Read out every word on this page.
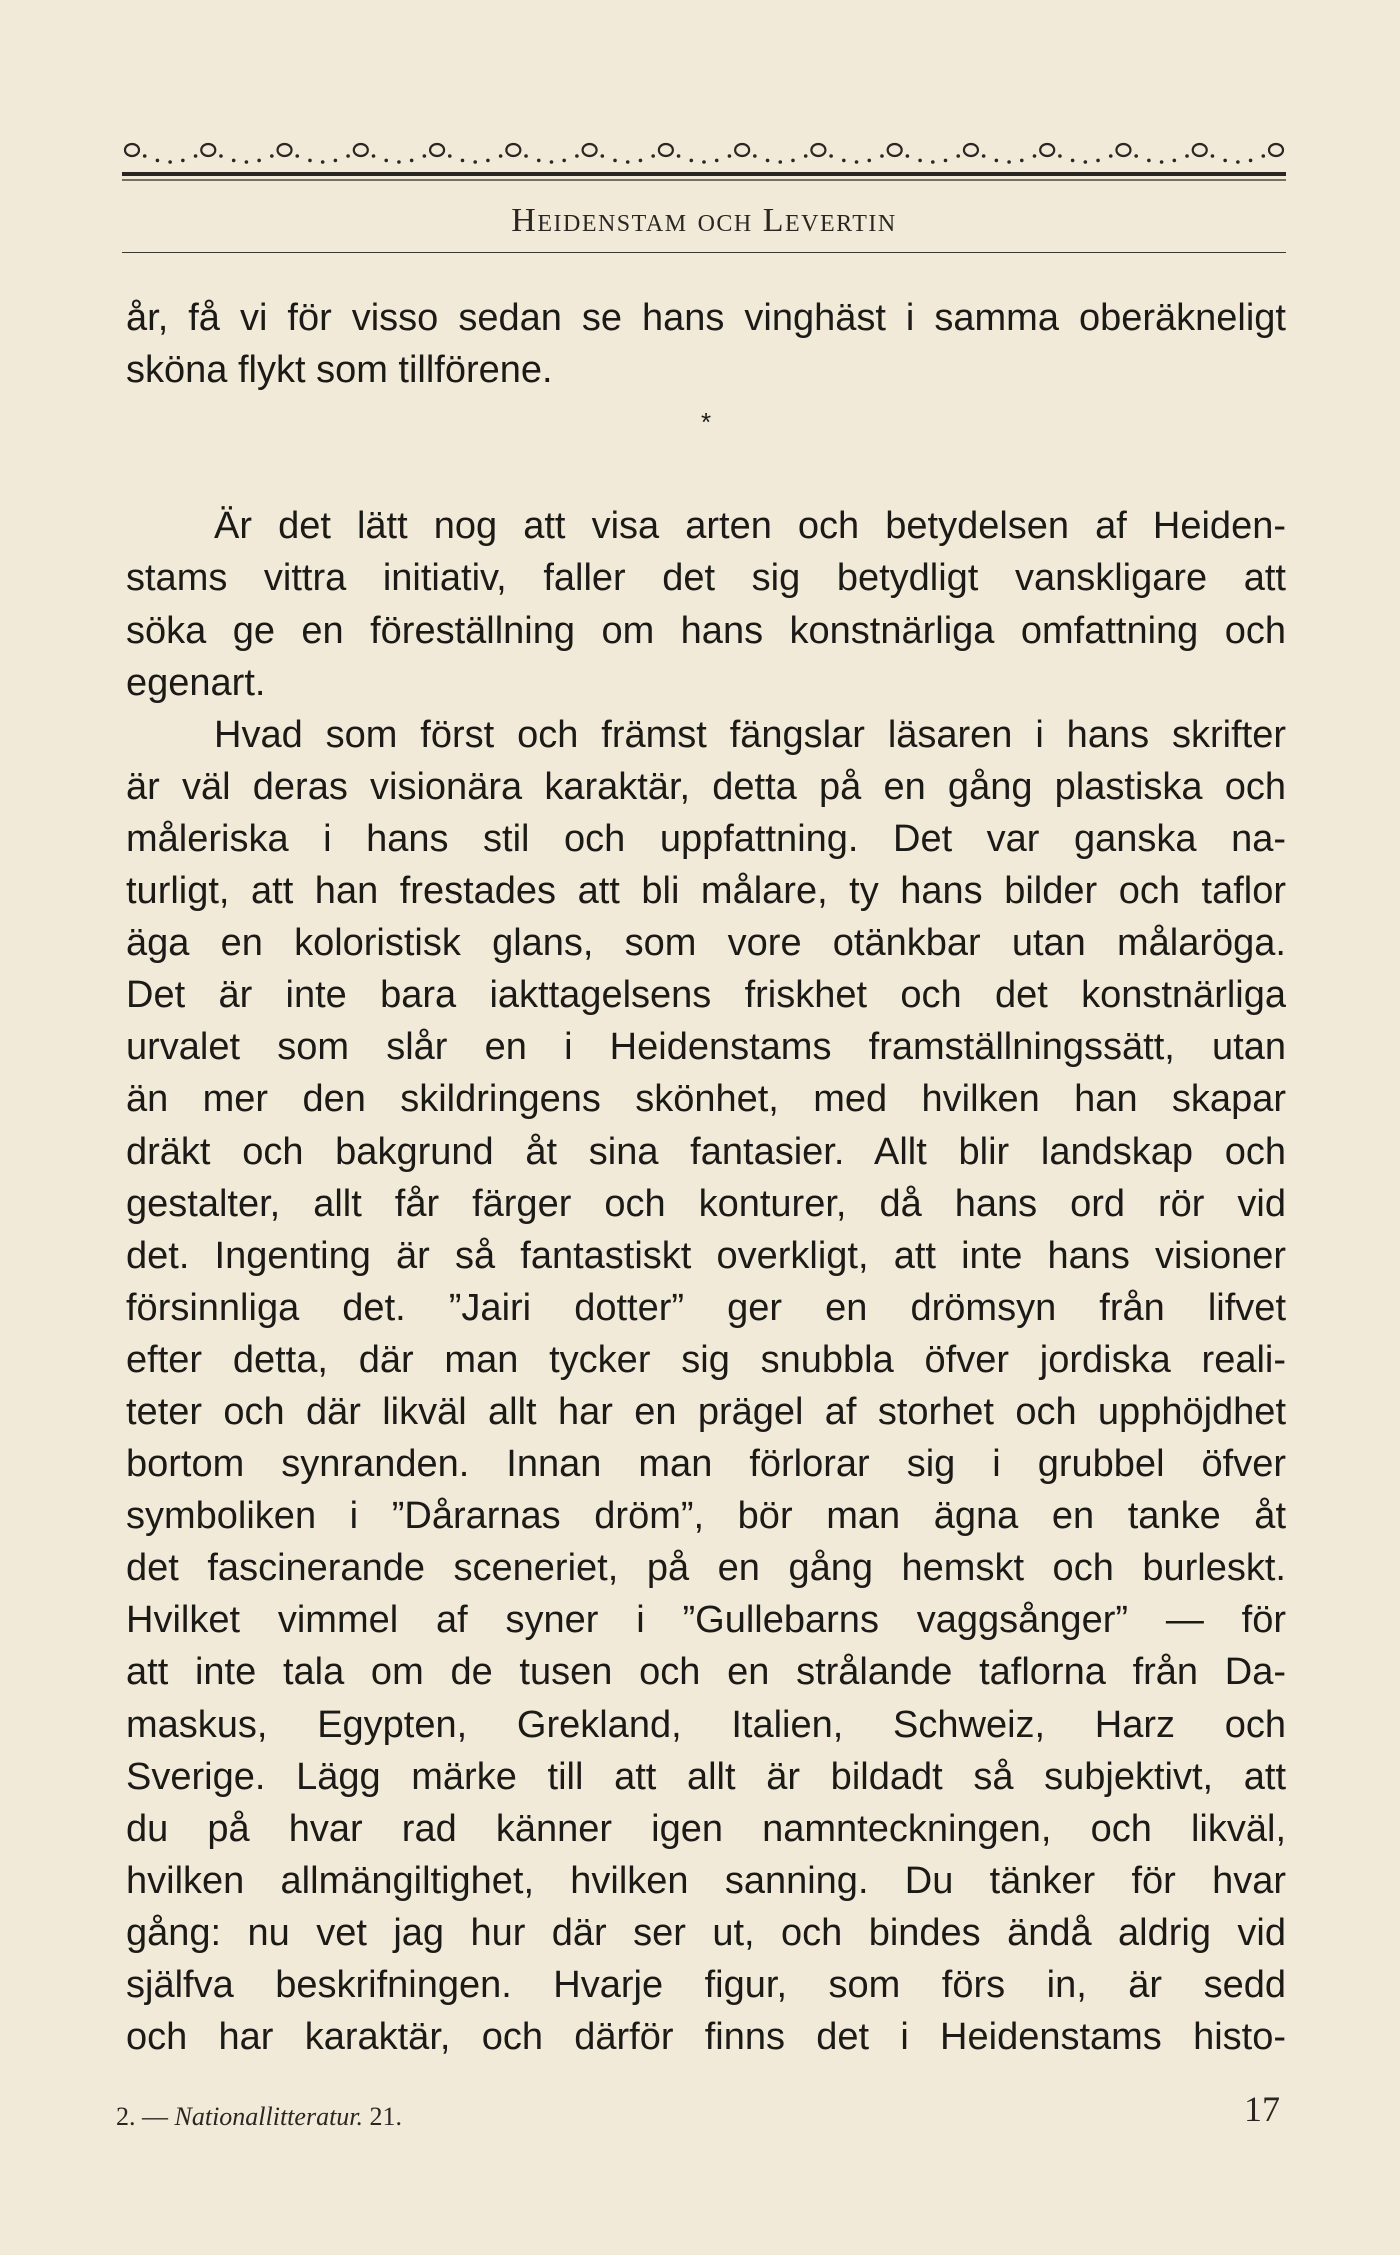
Heidenstam och Levertin
år, få vi för visso sedan se hans vinghäst i samma oberäkneligt
sköna flykt som tillförene.
*
Är det lätt nog att visa arten och betydelsen af Heiden-
stams vittra initiativ, faller det sig betydligt vanskligare att
söka ge en föreställning om hans konstnärliga omfattning och
egenart.
Hvad som först och främst fängslar läsaren i hans skrifter
är väl deras visionära karaktär, detta på en gång plastiska och
måleriska i hans stil och uppfattning. Det var ganska na-
turligt, att han frestades att bli målare, ty hans bilder och taflor
äga en koloristisk glans, som vore otänkbar utan målaröga.
Det är inte bara iakttagelsens friskhet och det konstnärliga
urvalet som slår en i Heidenstams framställningssätt, utan
än mer den skildringens skönhet, med hvilken han skapar
dräkt och bakgrund åt sina fantasier. Allt blir landskap och
gestalter, allt får färger och konturer, då hans ord rör vid
det. Ingenting är så fantastiskt overkligt, att inte hans visioner
försinnliga det. ”Jairi dotter” ger en drömsyn från lifvet
efter detta, där man tycker sig snubbla öfver jordiska reali-
teter och där likväl allt har en prägel af storhet och upphöjdhet
bortom synranden. Innan man förlorar sig i grubbel öfver
symboliken i ”Dårarnas dröm”, bör man ägna en tanke åt
det fascinerande sceneriet, på en gång hemskt och burleskt.
Hvilket vimmel af syner i ”Gullebarns vaggsånger” — för
att inte tala om de tusen och en strålande taflorna från Da-
maskus, Egypten, Grekland, Italien, Schweiz, Harz och
Sverige. Lägg märke till att allt är bildadt så subjektivt, att
du på hvar rad känner igen namnteckningen, och likväl,
hvilken allmängiltighet, hvilken sanning. Du tänker för hvar
gång: nu vet jag hur där ser ut, och bindes ändå aldrig vid
själfva beskrifningen. Hvarje figur, som förs in, är sedd
och har karaktär, och därför finns det i Heidenstams histo-
2. — Nationallitteratur. 21.	17
